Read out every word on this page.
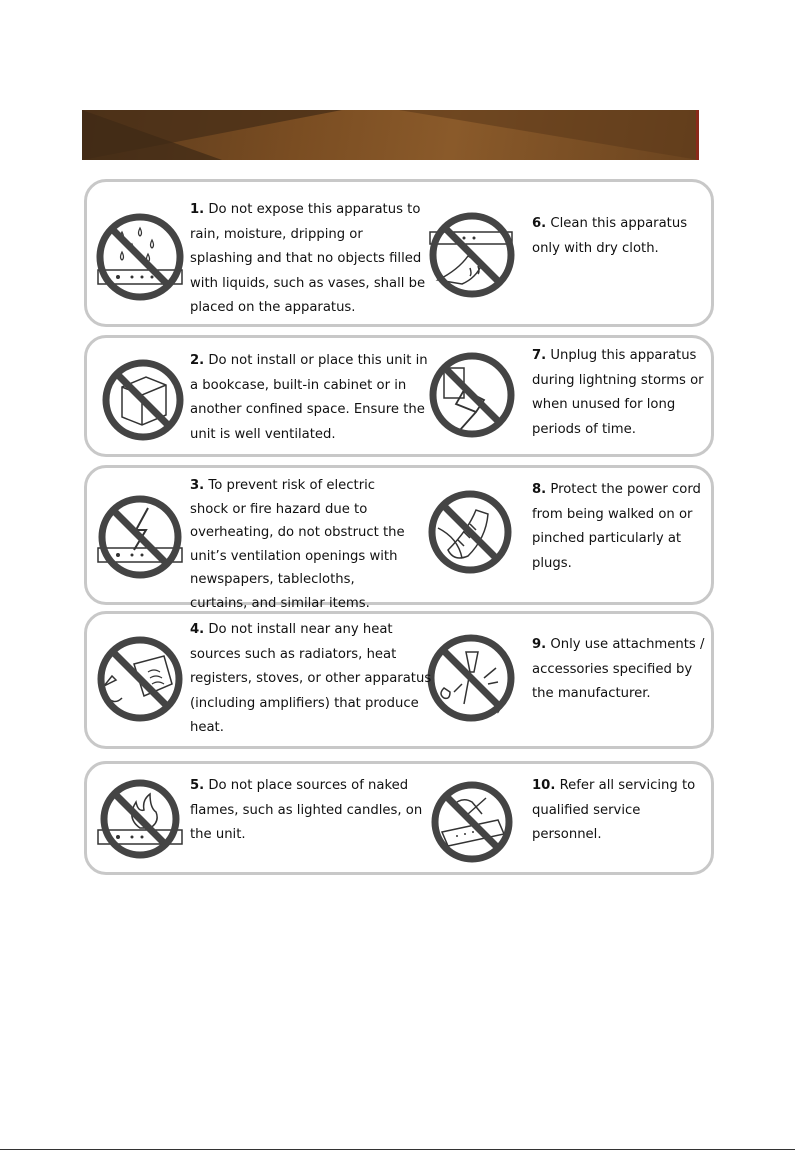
1. Do not expose this apparatus to
rain, moisture, dripping or
splashing and that no objects filled
with liquids, such as vases, shall be
placed on the apparatus.
6. Clean this apparatus
only with dry cloth.
2. Do not install or place this unit in
a bookcase, built-in cabinet or in
another confined space. Ensure the
unit is well ventilated.
7. Unplug this apparatus
during lightning storms or
when unused for long
periods of time.
3. To prevent risk of electric
shock or fire hazard due to
overheating, do not obstruct the
unit’s ventilation openings with
newspapers, tablecloths,
curtains, and similar items.
8. Protect the power cord
from being walked on or
pinched particularly at
plugs.
4. Do not install near any heat
sources such as radiators, heat
registers, stoves, or other apparatus
(including amplifiers) that produce
heat.
9. Only use attachments /
accessories specified by
the manufacturer.
5. Do not place sources of naked
flames, such as lighted candles, on
the unit.
10. Refer all servicing to
qualified service
personnel.
